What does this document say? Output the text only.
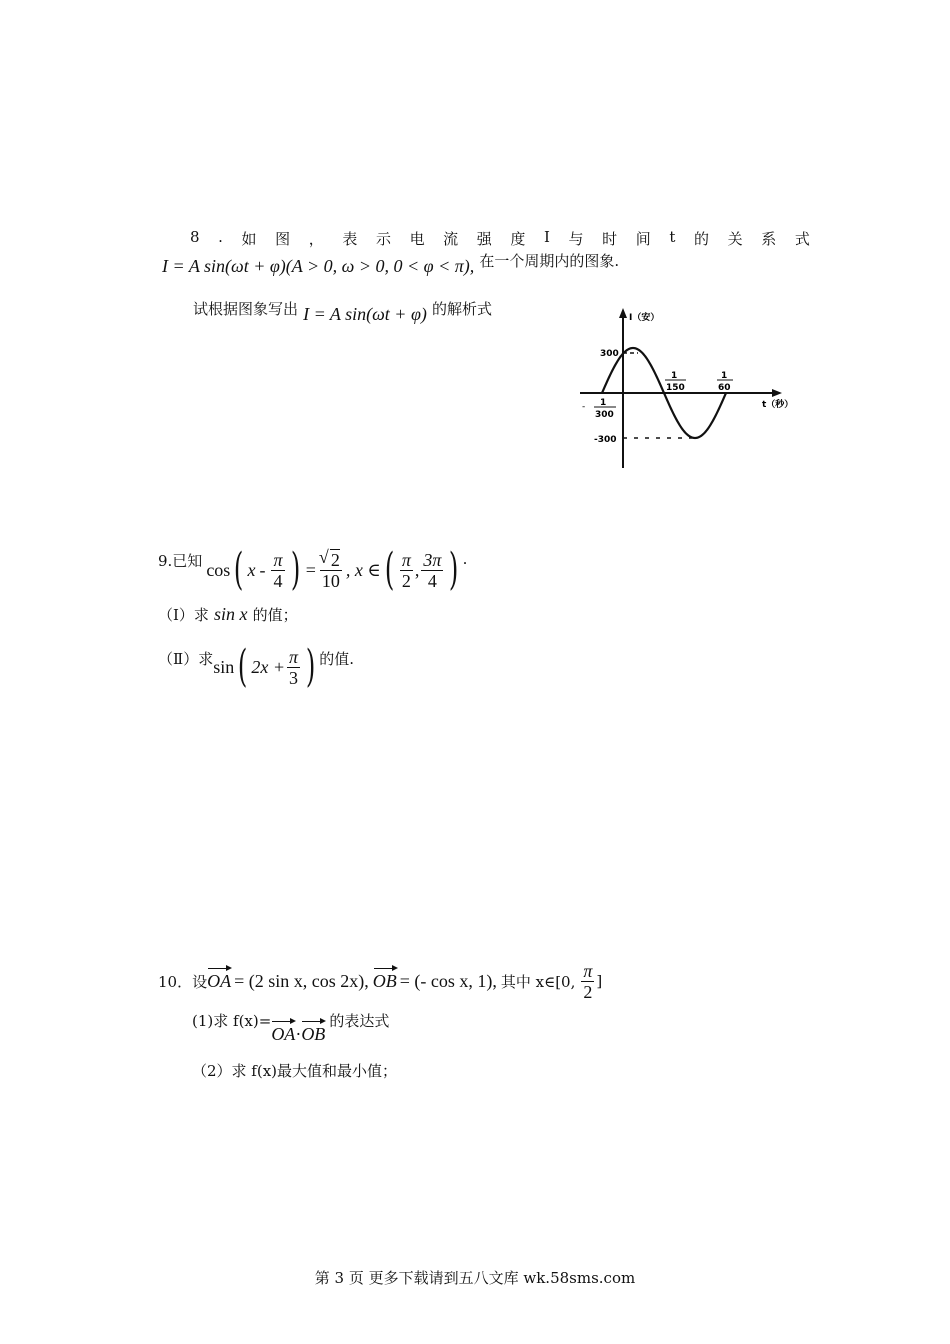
8 . 如 图 ， 表 示 电 流 强 度 I 与 时 间 t 的 关 系 式
I = A sin(ωt + φ)(A > 0, ω > 0, 0 < φ < π), 在一个周期内的图象.
试根据图象写出 I = A sin(ωt + φ) 的解析式	I（安）
t（秒）
300
-300
- 1
300
1
150
1
60
9.已知 cos ( x - $\frac{\pi}{4}$ ) =
√ $\frac{2}{10}$ , x ∈ ( $\frac{\pi}{2}$ , $\frac{3\pi}{4}$ ) .
（Ⅰ）求 sin x 的值；
（Ⅱ）求 sin ( $2x + \frac{\pi}{3}$ ) 的值.
10．设 OA = (2 sin x, cos 2x), OB = (- cos x, 1), 其中 x∈[0, $\frac{\pi}{2}$ ]
(1)求 f(x)=
OA·OB
的表达式
（2）求 f(x)最大值和最小值；
第 3 页 更多下载请到五八文库 wk.58sms.com
